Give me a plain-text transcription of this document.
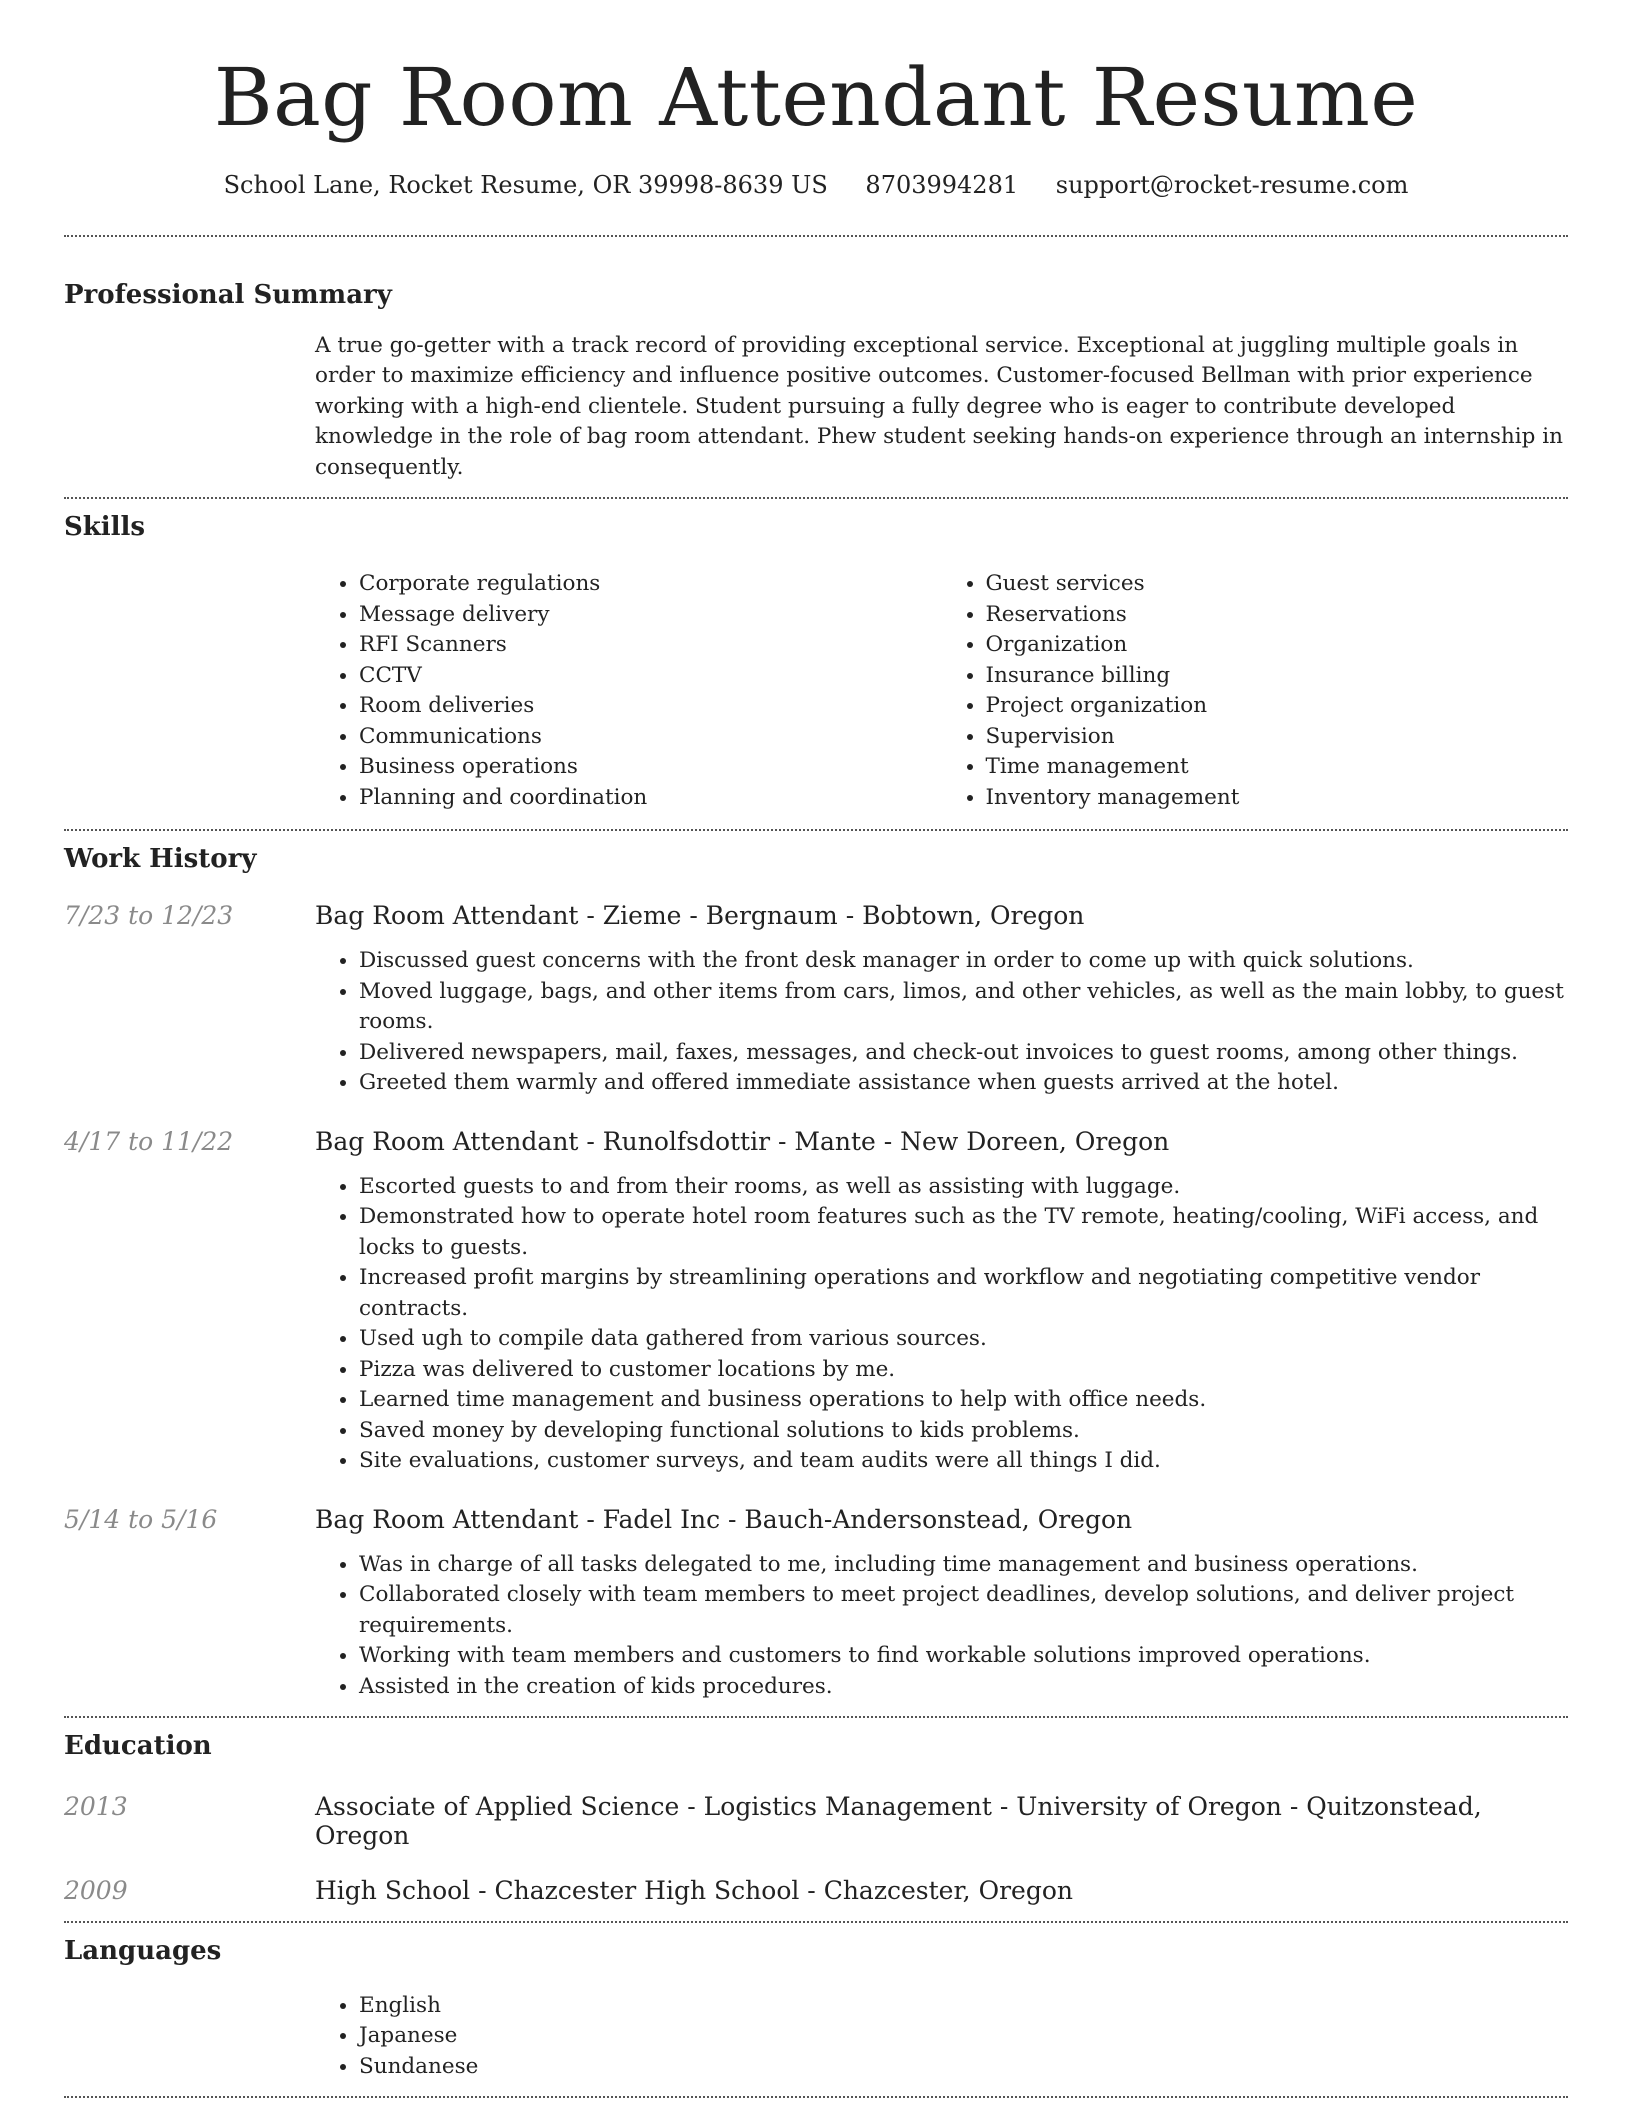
Bag Room Attendant Resume
School Lane, Rocket Resume, OR 39998-8639 US 8703994281 support@rocket-resume.com
Professional Summary
A true go-getter with a track record of providing exceptional service. Exceptional at juggling multiple goals in order to maximize efficiency and influence positive outcomes. Customer-focused Bellman with prior experience working with a high-end clientele. Student pursuing a fully degree who is eager to contribute developed knowledge in the role of bag room attendant. Phew student seeking hands-on experience through an internship in consequently.
Skills
• Corporate regulations
• Message delivery
• RFI Scanners
• CCTV
• Room deliveries
• Communications
• Business operations
• Planning and coordination
• Guest services
• Reservations
• Organization
• Insurance billing
• Project organization
• Supervision
• Time management
• Inventory management
Work History
7/23 to 12/23	Bag Room Attendant - Zieme - Bergnaum - Bobtown, Oregon
• Discussed guest concerns with the front desk manager in order to come up with quick solutions.
• Moved luggage, bags, and other items from cars, limos, and other vehicles, as well as the main lobby, to guest rooms.
• Delivered newspapers, mail, faxes, messages, and check-out invoices to guest rooms, among other things.
• Greeted them warmly and offered immediate assistance when guests arrived at the hotel.
4/17 to 11/22	Bag Room Attendant - Runolfsdottir - Mante - New Doreen, Oregon
• Escorted guests to and from their rooms, as well as assisting with luggage.
• Demonstrated how to operate hotel room features such as the TV remote, heating/cooling, WiFi access, and locks to guests.
• Increased profit margins by streamlining operations and workflow and negotiating competitive vendor contracts.
• Used ugh to compile data gathered from various sources.
• Pizza was delivered to customer locations by me.
• Learned time management and business operations to help with office needs.
• Saved money by developing functional solutions to kids problems.
• Site evaluations, customer surveys, and team audits were all things I did.
5/14 to 5/16	Bag Room Attendant - Fadel Inc - Bauch-Andersonstead, Oregon
• Was in charge of all tasks delegated to me, including time management and business operations.
• Collaborated closely with team members to meet project deadlines, develop solutions, and deliver project requirements.
• Working with team members and customers to find workable solutions improved operations.
• Assisted in the creation of kids procedures.
Education
2013	Associate of Applied Science - Logistics Management - University of Oregon - Quitzonstead, Oregon
2009	High School - Chazcester High School - Chazcester, Oregon
Languages
• English
• Japanese
• Sundanese
